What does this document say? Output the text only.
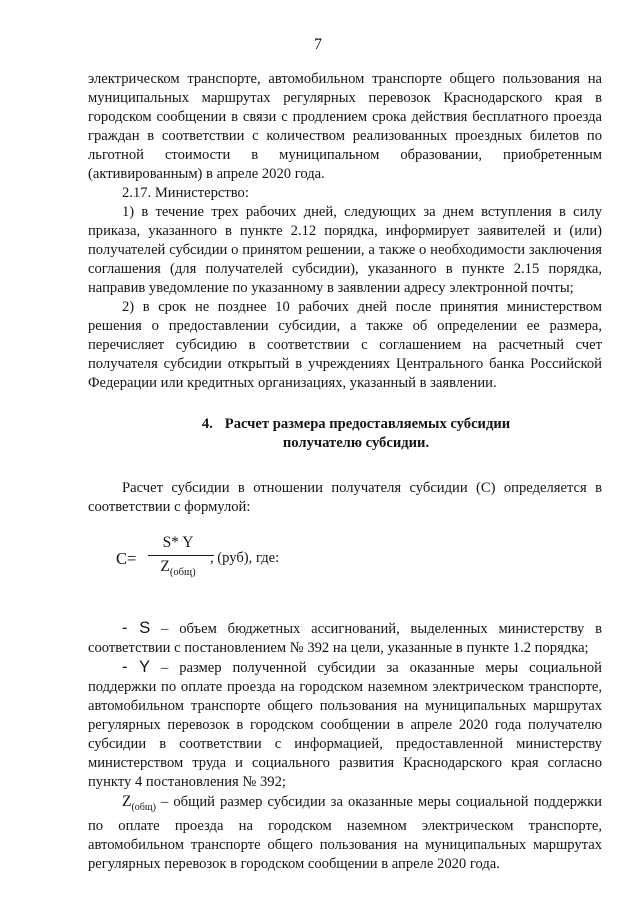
7

электрическом транспорте, автомобильном транспорте общего пользования на муниципальных маршрутах регулярных перевозок Краснодарского края в городском сообщении в связи с продлением срока действия бесплатного проезда граждан в соответствии с количеством реализованных проездных билетов по льготной стоимости в муниципальном образовании, приобретенным (активированным) в апреле 2020 года.

2.17. Министерство:

1) в течение трех рабочих дней, следующих за днем вступления в силу приказа, указанного в пункте 2.12 порядка, информирует заявителей и (или) получателей субсидии о принятом решении, а также о необходимости заключения соглашения (для получателей субсидии), указанного в пункте 2.15 порядка, направив уведомление по указанному в заявлении адресу электронной почты;

2) в срок не позднее 10 рабочих дней после принятия министерством решения о предоставлении субсидии, а также об определении ее размера, перечисляет субсидию в соответствии с соглашением на расчетный счет получателя субсидии открытый в учреждениях Центрального банка Российской Федерации или кредитных организациях, указанный в заявлении.

4. Расчет размера предоставляемых субсидии
получателю субсидии.

Расчет субсидии в отношении получателя субсидии (С) определяется в соответствии с формулой:

С=
S* Y
$Z_{(общ)}$
, (руб), где:

- S – объем бюджетных ассигнований, выделенных министерству в соответствии с постановлением № 392 на цели, указанные в пункте 1.2 порядка;

- Y – размер полученной субсидии за оказанные меры социальной поддержки по оплате проезда на городском наземном электрическом транспорте, автомобильном транспорте общего пользования на муниципальных маршрутах регулярных перевозок в городском сообщении в апреле 2020 года получателю субсидии в соответствии с информацией, предоставленной министерству министерством труда и социального развития Краснодарского края согласно пункту 4 постановления № 392;

$Z_{(общ)}$ – общий размер субсидии за оказанные меры социальной поддержки по оплате проезда на городском наземном электрическом транспорте, автомобильном транспорте общего пользования на муниципальных маршрутах регулярных перевозок в городском сообщении в апреле 2020 года.
